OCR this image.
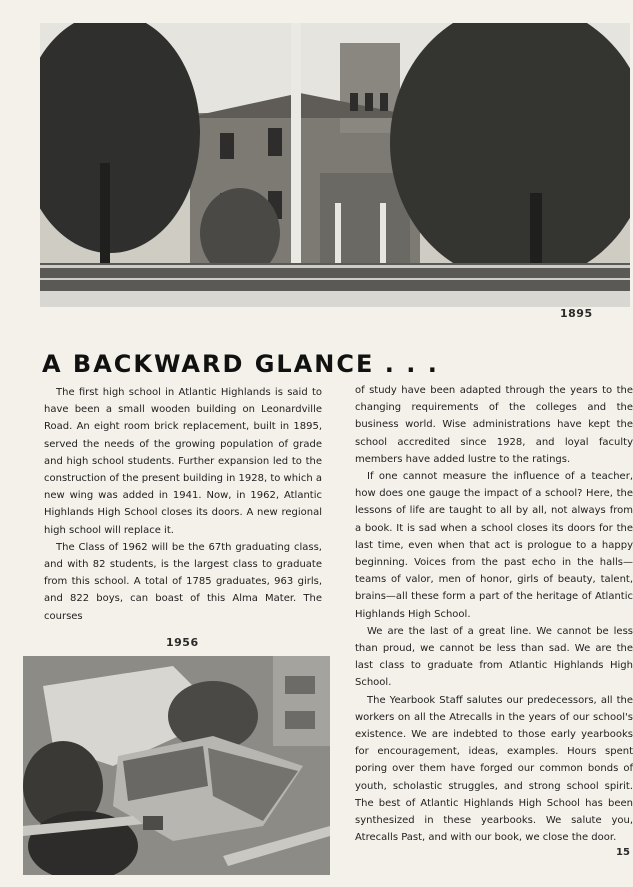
1895
A BACKWARD GLANCE . . .

The first high school in Atlantic Highlands is said to have been a small wooden building on Leonardville Road. An eight room brick replacement, built in 1895, served the needs of the growing population of grade and high school students. Further expansion led to the construction of the present building in 1928, to which a new wing was added in 1941. Now, in 1962, Atlantic Highlands High School closes its doors. A new regional high school will replace it.

The Class of 1962 will be the 67th graduating class, and with 82 students, is the largest class to graduate from this school. A total of 1785 graduates, 963 girls, and 822 boys, can boast of this Alma Mater. The courses

1956

of study have been adapted through the years to the changing requirements of the colleges and the business world. Wise administrations have kept the school accredited since 1928, and loyal faculty members have added lustre to the ratings.

If one cannot measure the influence of a teacher, how does one gauge the impact of a school? Here, the lessons of life are taught to all by all, not always from a book. It is sad when a school closes its doors for the last time, even when that act is prologue to a happy beginning. Voices from the past echo in the halls—teams of valor, men of honor, girls of beauty, talent, brains—all these form a part of the heritage of Atlantic Highlands High School.

We are the last of a great line. We cannot be less than proud, we cannot be less than sad. We are the last class to graduate from Atlantic Highlands High School.

The Yearbook Staff salutes our predecessors, all the workers on all the Atrecalls in the years of our school's existence. We are indebted to those early yearbooks for encouragement, ideas, examples. Hours spent poring over them have forged our common bonds of youth, scholastic struggles, and strong school spirit. The best of Atlantic Highlands High School has been synthesized in these yearbooks. We salute you, Atrecalls Past, and with our book, we close the door.

15
